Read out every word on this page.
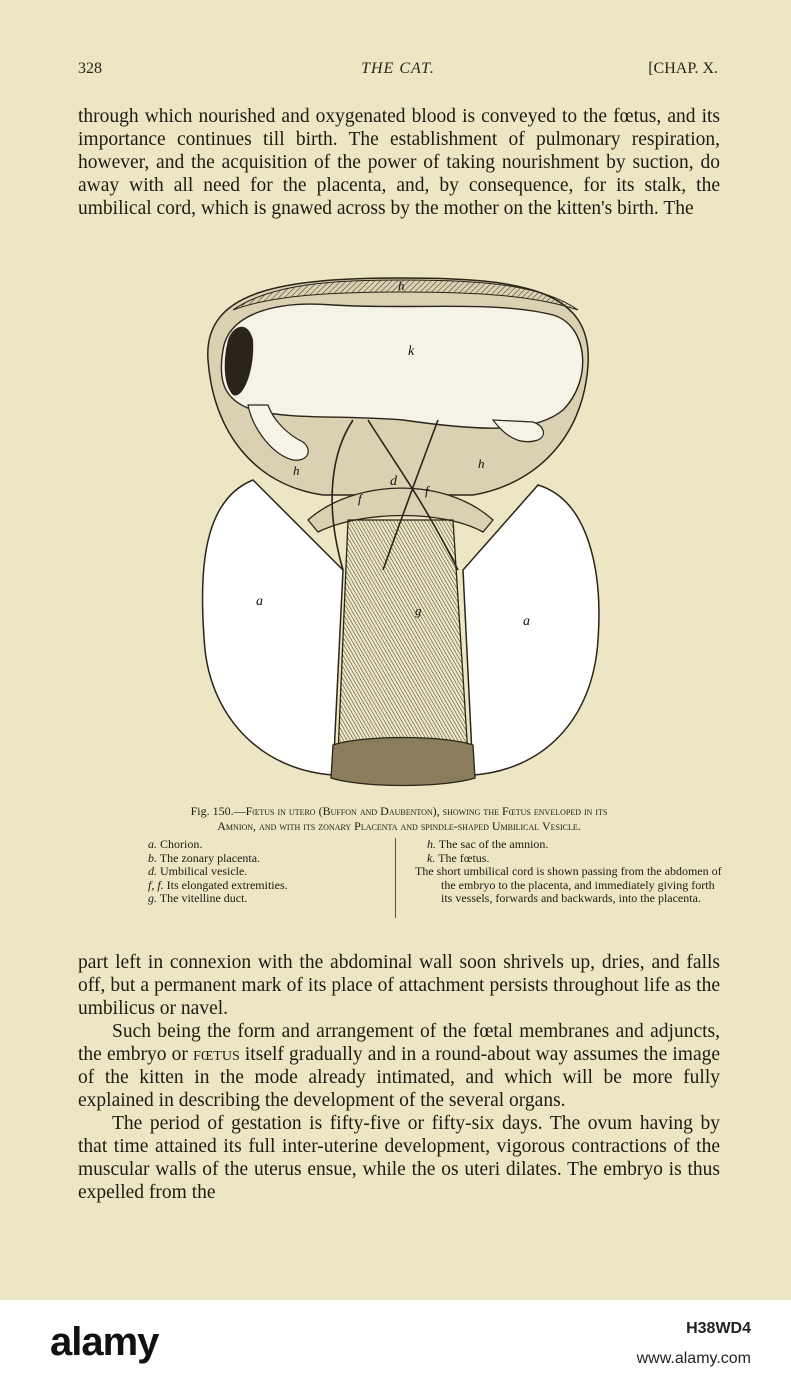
328	THE CAT.	[CHAP. X.

through which nourished and oxygenated blood is conveyed to the fœtus, and its importance continues till birth. The establishment of pulmonary respiration, however, and the acquisition of the power of taking nourishment by suction, do away with all need for the placenta, and, by consequence, for its stalk, the umbilical cord, which is gnawed across by the mother on the kitten's birth. The

h
k
h	h
d
f
f
g
a
a
Fig. 150.—Fœtus in utero (Buffon and Daubenton), showing the Fœtus enveloped in its
Amnion, and with its zonary Placenta and spindle-shaped Umbilical Vesicle.
a. Chorion.
b. The zonary placenta.
d. Umbilical vesicle.
f, f. Its elongated extremities.
g. The vitelline duct.
h. The sac of the amnion.
k. The fœtus.

The short umbilical cord is shown passing from the abdomen of the embryo to the placenta, and immediately giving forth its vessels, forwards and backwards, into the placenta.

part left in connexion with the abdominal wall soon shrivels up, dries, and falls off, but a permanent mark of its place of attachment persists throughout life as the umbilicus or navel.

Such being the form and arrangement of the fœtal membranes and adjuncts, the embryo or fœtus itself gradually and in a round-about way assumes the image of the kitten in the mode already intimated, and which will be more fully explained in describing the development of the several organs.

The period of gestation is fifty-five or fifty-six days. The ovum having by that time attained its full inter-uterine development, vigorous contractions of the muscular walls of the uterus ensue, while the os uteri dilates. The embryo is thus expelled from the

alamy	H38WD4
www.alamy.com
